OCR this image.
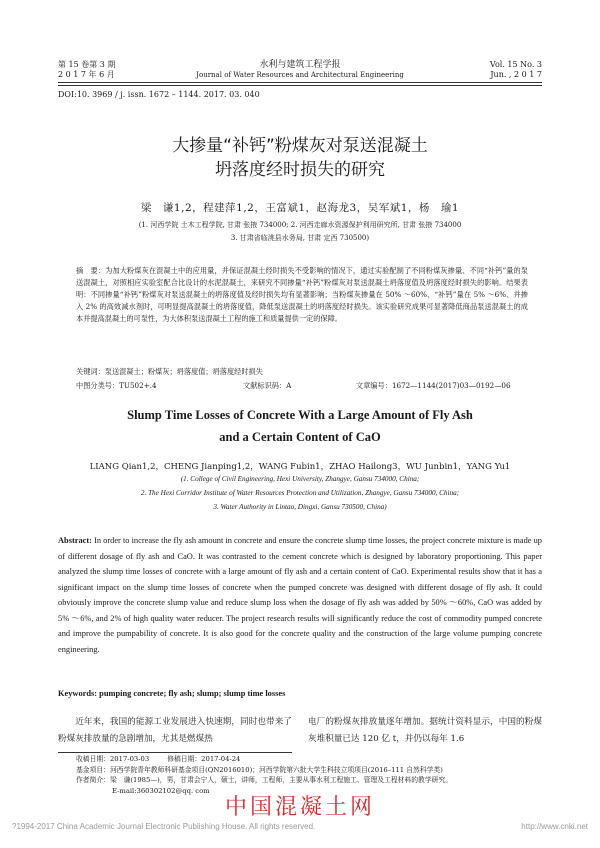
第 15 卷第 3 期
2 0 1 7 年 6 月
水利与建筑工程学报
Journal of Water Resources and Architectural Engineering
Vol. 15 No. 3
Jun. , 2 0 1 7
DOI:10. 3969 / j. issn. 1672 – 1144. 2017. 03. 040
大掺量“补钙”粉煤灰对泵送混凝土
坍落度经时损失的研究
梁　谦1,2，程建萍1,2，王富斌1，赵海龙3，吴军斌1，杨　瑜1
(1. 河西学院 土木工程学院, 甘肃 张掖 734000; 2. 河西走廊水资源保护利用研究所, 甘肃 张掖 734000
3. 甘肃省临洮县水务局, 甘肃 定西 730500)
摘　要：为加大粉煤灰在混凝土中的应用量，并保证混凝土经时损失不受影响的情况下，通过实验配制了不同粉煤灰掺量、不同“补钙”量的泵送混凝土，对照相应实验室配合比设计的水泥混凝土，来研究不同掺量“补钙”粉煤灰对泵送混凝土坍落度值及坍落度经时损失的影响。结果表明：不同掺量“补钙”粉煤灰对泵送混凝土的坍落度值及经时损失均有显著影响；当粉煤灰掺量在 50% ～60%、“补钙”量在 5% ～6%、并掺入 2% 的高效减水剂时，可明显提高混凝土的坍落度值，降低泵送混凝土的坍落度经时损失。该实验研究成果可显著降低商品泵送混凝土的成本并提高混凝土的可泵性，为大体积泵送混凝土工程的施工和质量提供一定的保障。
关键词：泵送混凝土；粉煤灰；坍落度值；坍落度经时损失
中图分类号：TU502+.4	文献标识码：A	文章编号：1672—1144(2017)03—0192—06
Slump Time Losses of Concrete With a Large Amount of Fly Ash
and a Certain Content of CaO
LIANG Qian1,2，CHENG Jianping1,2，WANG Fubin1，ZHAO Hailong3，WU Junbin1，YANG Yu1
(1. College of Civil Engineering, Hexi University, Zhangye, Gansu 734000, China;
2. The Hexi Corridor Institute of Water Resources Protection and Utilization, Zhangye, Gansu 734000, China;
3. Water Authority in Lintao, Dingxi, Gansu 730500, China)
Abstract: In order to increase the fly ash amount in concrete and ensure the concrete slump time losses, the project concrete mixture is made up of different dosage of fly ash and CaO. It was contrasted to the cement concrete which is designed by laboratory proportioning. This paper analyzed the slump time losses of concrete with a large amount of fly ash and a certain content of CaO. Experimental results show that it has a significant impact on the slump time losses of concrete when the pumped concrete was designed with different dosage of fly ash. It could obviously improve the concrete slump value and reduce slump loss when the dosage of fly ash was added by 50% ～60%, CaO was added by 5% ～6%, and 2% of high quality water reducer. The project research results will significantly reduce the cost of commodity pumped concrete and improve the pumpability of concrete. It is also good for the concrete quality and the construction of the large volume pumping concrete engineering.
Keywords: pumping concrete; fly ash; slump; slump time losses
近年来，我国的能源工业发展进入快速期，同时也带来了粉煤灰排放量的急剧增加，尤其是燃煤热
电厂的粉煤灰排放量逐年增加。据统计资料显示，中国的粉煤灰堆积量已达 120 亿 t，并仍以每年 1.6
收稿日期：2017-03-03	修稿日期：2017-04-24
基金项目：河西学院青年教师科研基金项目(QN2016010)；河西学院第六批大学生科技立项项目(2016–111 自然科学类)
作者简介：梁　谦(1985—)，男，甘肃会宁人，硕士，讲师，工程师，主要从事水利工程施工、管理及工程材料的教学研究。
E-mail:360302102@qq. com
中国混凝土网
?1994-2017 China Academic Journal Electronic Publishing House. All rights reserved.	http://www.cnki.net
